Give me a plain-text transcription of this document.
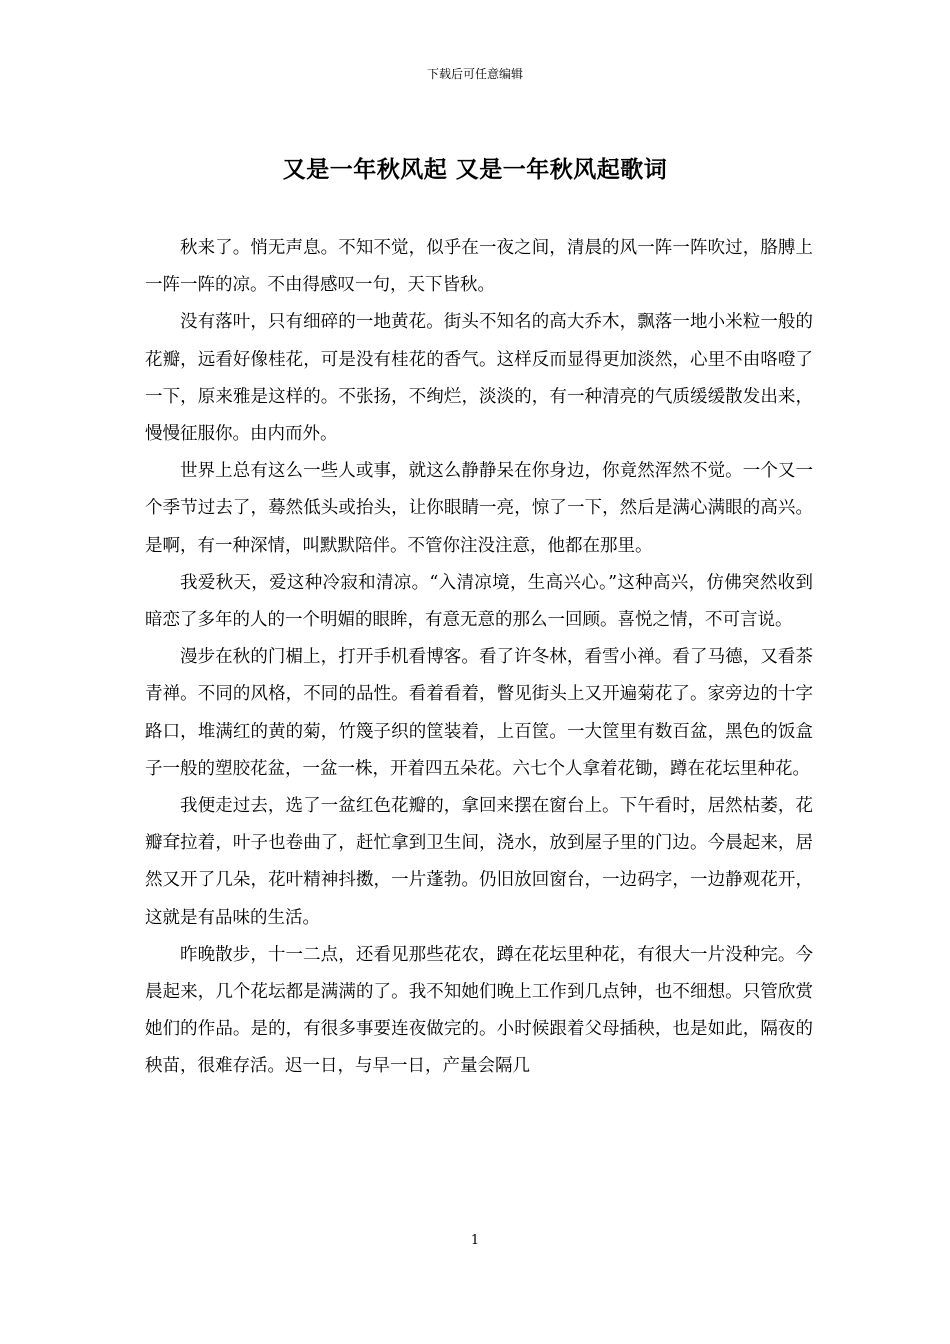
下载后可任意编辑
又是一年秋风起 又是一年秋风起歌词

秋来了。悄无声息。不知不觉，似乎在一夜之间，清晨的风一阵一阵吹过，胳膊上一阵一阵的凉。不由得感叹一句，天下皆秋。

没有落叶，只有细碎的一地黄花。街头不知名的高大乔木，飘落一地小米粒一般的花瓣，远看好像桂花，可是没有桂花的香气。这样反而显得更加淡然，心里不由咯噔了一下，原来雅是这样的。不张扬，不绚烂，淡淡的，有一种清亮的气质缓缓散发出来，慢慢征服你。由内而外。

世界上总有这么一些人或事，就这么静静呆在你身边，你竟然浑然不觉。一个又一个季节过去了，蓦然低头或抬头，让你眼睛一亮，惊了一下，然后是满心满眼的高兴。是啊，有一种深情，叫默默陪伴。不管你注没注意，他都在那里。

我爱秋天，爱这种冷寂和清凉。“入清凉境，生高兴心。”这种高兴，仿佛突然收到暗恋了多年的人的一个明媚的眼眸，有意无意的那么一回顾。喜悦之情，不可言说。

漫步在秋的门楣上，打开手机看博客。看了许冬林，看雪小禅。看了马德，又看茶青禅。不同的风格，不同的品性。看着看着，瞥见街头上又开遍菊花了。家旁边的十字路口，堆满红的黄的菊，竹篾子织的筐装着，上百筐。一大筐里有数百盆，黑色的饭盒子一般的塑胶花盆，一盆一株，开着四五朵花。六七个人拿着花锄，蹲在花坛里种花。

我便走过去，选了一盆红色花瓣的，拿回来摆在窗台上。下午看时，居然枯萎，花瓣耷拉着，叶子也卷曲了，赶忙拿到卫生间，浇水，放到屋子里的门边。今晨起来，居然又开了几朵，花叶精神抖擞，一片蓬勃。仍旧放回窗台，一边码字，一边静观花开，这就是有品味的生活。

昨晚散步，十一二点，还看见那些花农，蹲在花坛里种花，有很大一片没种完。今晨起来，几个花坛都是满满的了。我不知她们晚上工作到几点钟，也不细想。只管欣赏她们的作品。是的，有很多事要连夜做完的。小时候跟着父母插秧，也是如此，隔夜的秧苗，很难存活。迟一日，与早一日，产量会隔几

1
